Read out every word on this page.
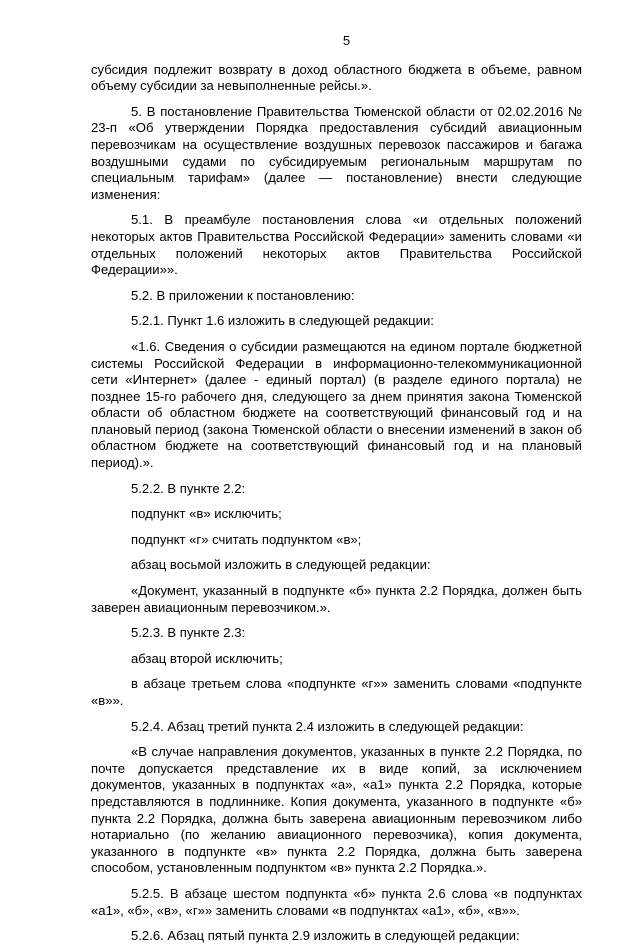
5

субсидия подлежит возврату в доход областного бюджета в объеме, равном объему субсидии за невыполненные рейсы.».

5. В постановление Правительства Тюменской области от 02.02.2016 № 23-п «Об утверждении Порядка предоставления субсидий авиационным перевозчикам на осуществление воздушных перевозок пассажиров и багажа воздушными судами по субсидируемым региональным маршрутам по специальным тарифам» (далее — постановление) внести следующие изменения:

5.1. В преамбуле постановления слова «и отдельных положений некоторых актов Правительства Российской Федерации» заменить словами «и отдельных положений некоторых актов Правительства Российской Федерации»».

5.2. В приложении к постановлению:

5.2.1. Пункт 1.6 изложить в следующей редакции:

«1.6. Сведения о субсидии размещаются на едином портале бюджетной системы Российской Федерации в информационно-телекоммуникационной сети «Интернет» (далее - единый портал) (в разделе единого портала) не позднее 15-го рабочего дня, следующего за днем принятия закона Тюменской области об областном бюджете на соответствующий финансовый год и на плановый период (закона Тюменской области о внесении изменений в закон об областном бюджете на соответствующий финансовый год и на плановый период).».

5.2.2. В пункте 2.2:

подпункт «в» исключить;

подпункт «г» считать подпунктом «в»;

абзац восьмой изложить в следующей редакции:

«Документ, указанный в подпункте «б» пункта 2.2 Порядка, должен быть заверен авиационным перевозчиком.».

5.2.3. В пункте 2.3:

абзац второй исключить;

в абзаце третьем слова «подпункте «г»» заменить словами «подпункте «в»».

5.2.4. Абзац третий пункта 2.4 изложить в следующей редакции:

«В случае направления документов, указанных в пункте 2.2 Порядка, по почте допускается представление их в виде копий, за исключением документов, указанных в подпунктах «а», «а1» пункта 2.2 Порядка, которые представляются в подлиннике. Копия документа, указанного в подпункте «б» пункта 2.2 Порядка, должна быть заверена авиационным перевозчиком либо нотариально (по желанию авиационного перевозчика), копия документа, указанного в подпункте «в» пункта 2.2 Порядка, должна быть заверена способом, установленным подпунктом «в» пункта 2.2 Порядка.».

5.2.5. В абзаце шестом подпункта «б» пункта 2.6 слова «в подпунктах «а1», «б», «в», «г»» заменить словами «в подпунктах «а1», «б», «в»».

5.2.6. Абзац пятый пункта 2.9 изложить в следующей редакции:
